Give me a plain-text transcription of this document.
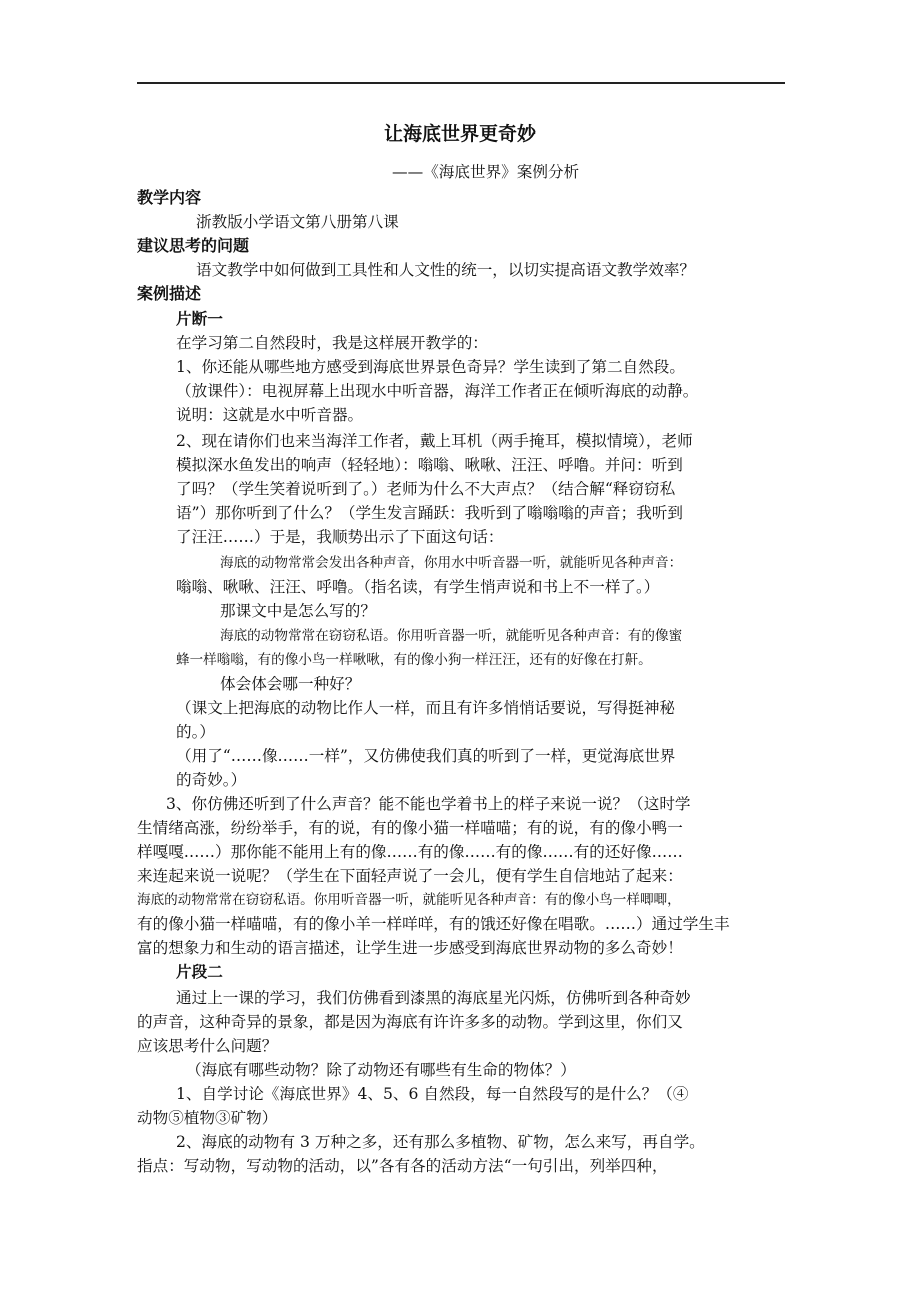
让海底世界更奇妙
——《海底世界》案例分析
教学内容
浙教版小学语文第八册第八课
建议思考的问题
语文教学中如何做到工具性和人文性的统一，以切实提高语文教学效率？
案例描述
片断一
在学习第二自然段时，我是这样展开教学的：
1、你还能从哪些地方感受到海底世界景色奇异？学生读到了第二自然段。
（放课件）：电视屏幕上出现水中听音器，海洋工作者正在倾听海底的动静。
说明：这就是水中听音器。
2、现在请你们也来当海洋工作者，戴上耳机（两手掩耳，模拟情境），老师
模拟深水鱼发出的响声（轻轻地）：嗡嗡、啾啾、汪汪、呼噜。并问：听到
了吗？（学生笑着说听到了。）老师为什么不大声点？（结合解“释窃窃私
语”）那你听到了什么？（学生发言踊跃：我听到了嗡嗡嗡的声音；我听到
了汪汪……）于是，我顺势出示了下面这句话：
海底的动物常常会发出各种声音，你用水中听音器一听，就能听见各种声音：
嗡嗡、啾啾、汪汪、呼噜。（指名读，有学生悄声说和书上不一样了。）
那课文中是怎么写的？
海底的动物常常在窃窃私语。你用听音器一听，就能听见各种声音：有的像蜜
蜂一样嗡嗡，有的像小鸟一样啾啾，有的像小狗一样汪汪，还有的好像在打鼾。
体会体会哪一种好？
（课文上把海底的动物比作人一样，而且有许多悄悄话要说，写得挺神秘
的。）
（用了“……像……一样”，又仿佛使我们真的听到了一样，更觉海底世界
的奇妙。）
3、你仿佛还听到了什么声音？能不能也学着书上的样子来说一说？（这时学
生情绪高涨，纷纷举手，有的说，有的像小猫一样喵喵；有的说，有的像小鸭一
样嘎嘎……）那你能不能用上有的像……有的像……有的像……有的还好像……
来连起来说一说呢？（学生在下面轻声说了一会儿，便有学生自信地站了起来：
海底的动物常常在窃窃私语。你用听音器一听，就能听见各种声音：有的像小鸟一样唧唧，
有的像小猫一样喵喵，有的像小羊一样咩咩，有的饿还好像在唱歌。……）通过学生丰
富的想象力和生动的语言描述，让学生进一步感受到海底世界动物的多么奇妙！
片段二
通过上一课的学习，我们仿佛看到漆黑的海底星光闪烁，仿佛听到各种奇妙
的声音，这种奇异的景象，都是因为海底有许许多多的动物。学到这里，你们又
应该思考什么问题？
（海底有哪些动物？除了动物还有哪些有生命的物体？）
1、自学讨论《海底世界》4、5、6 自然段，每一自然段写的是什么？（④
动物⑤植物③矿物）
2、海底的动物有 3 万种之多，还有那么多植物、矿物，怎么来写，再自学。
指点：写动物，写动物的活动，以”各有各的活动方法“一句引出，列举四种，
